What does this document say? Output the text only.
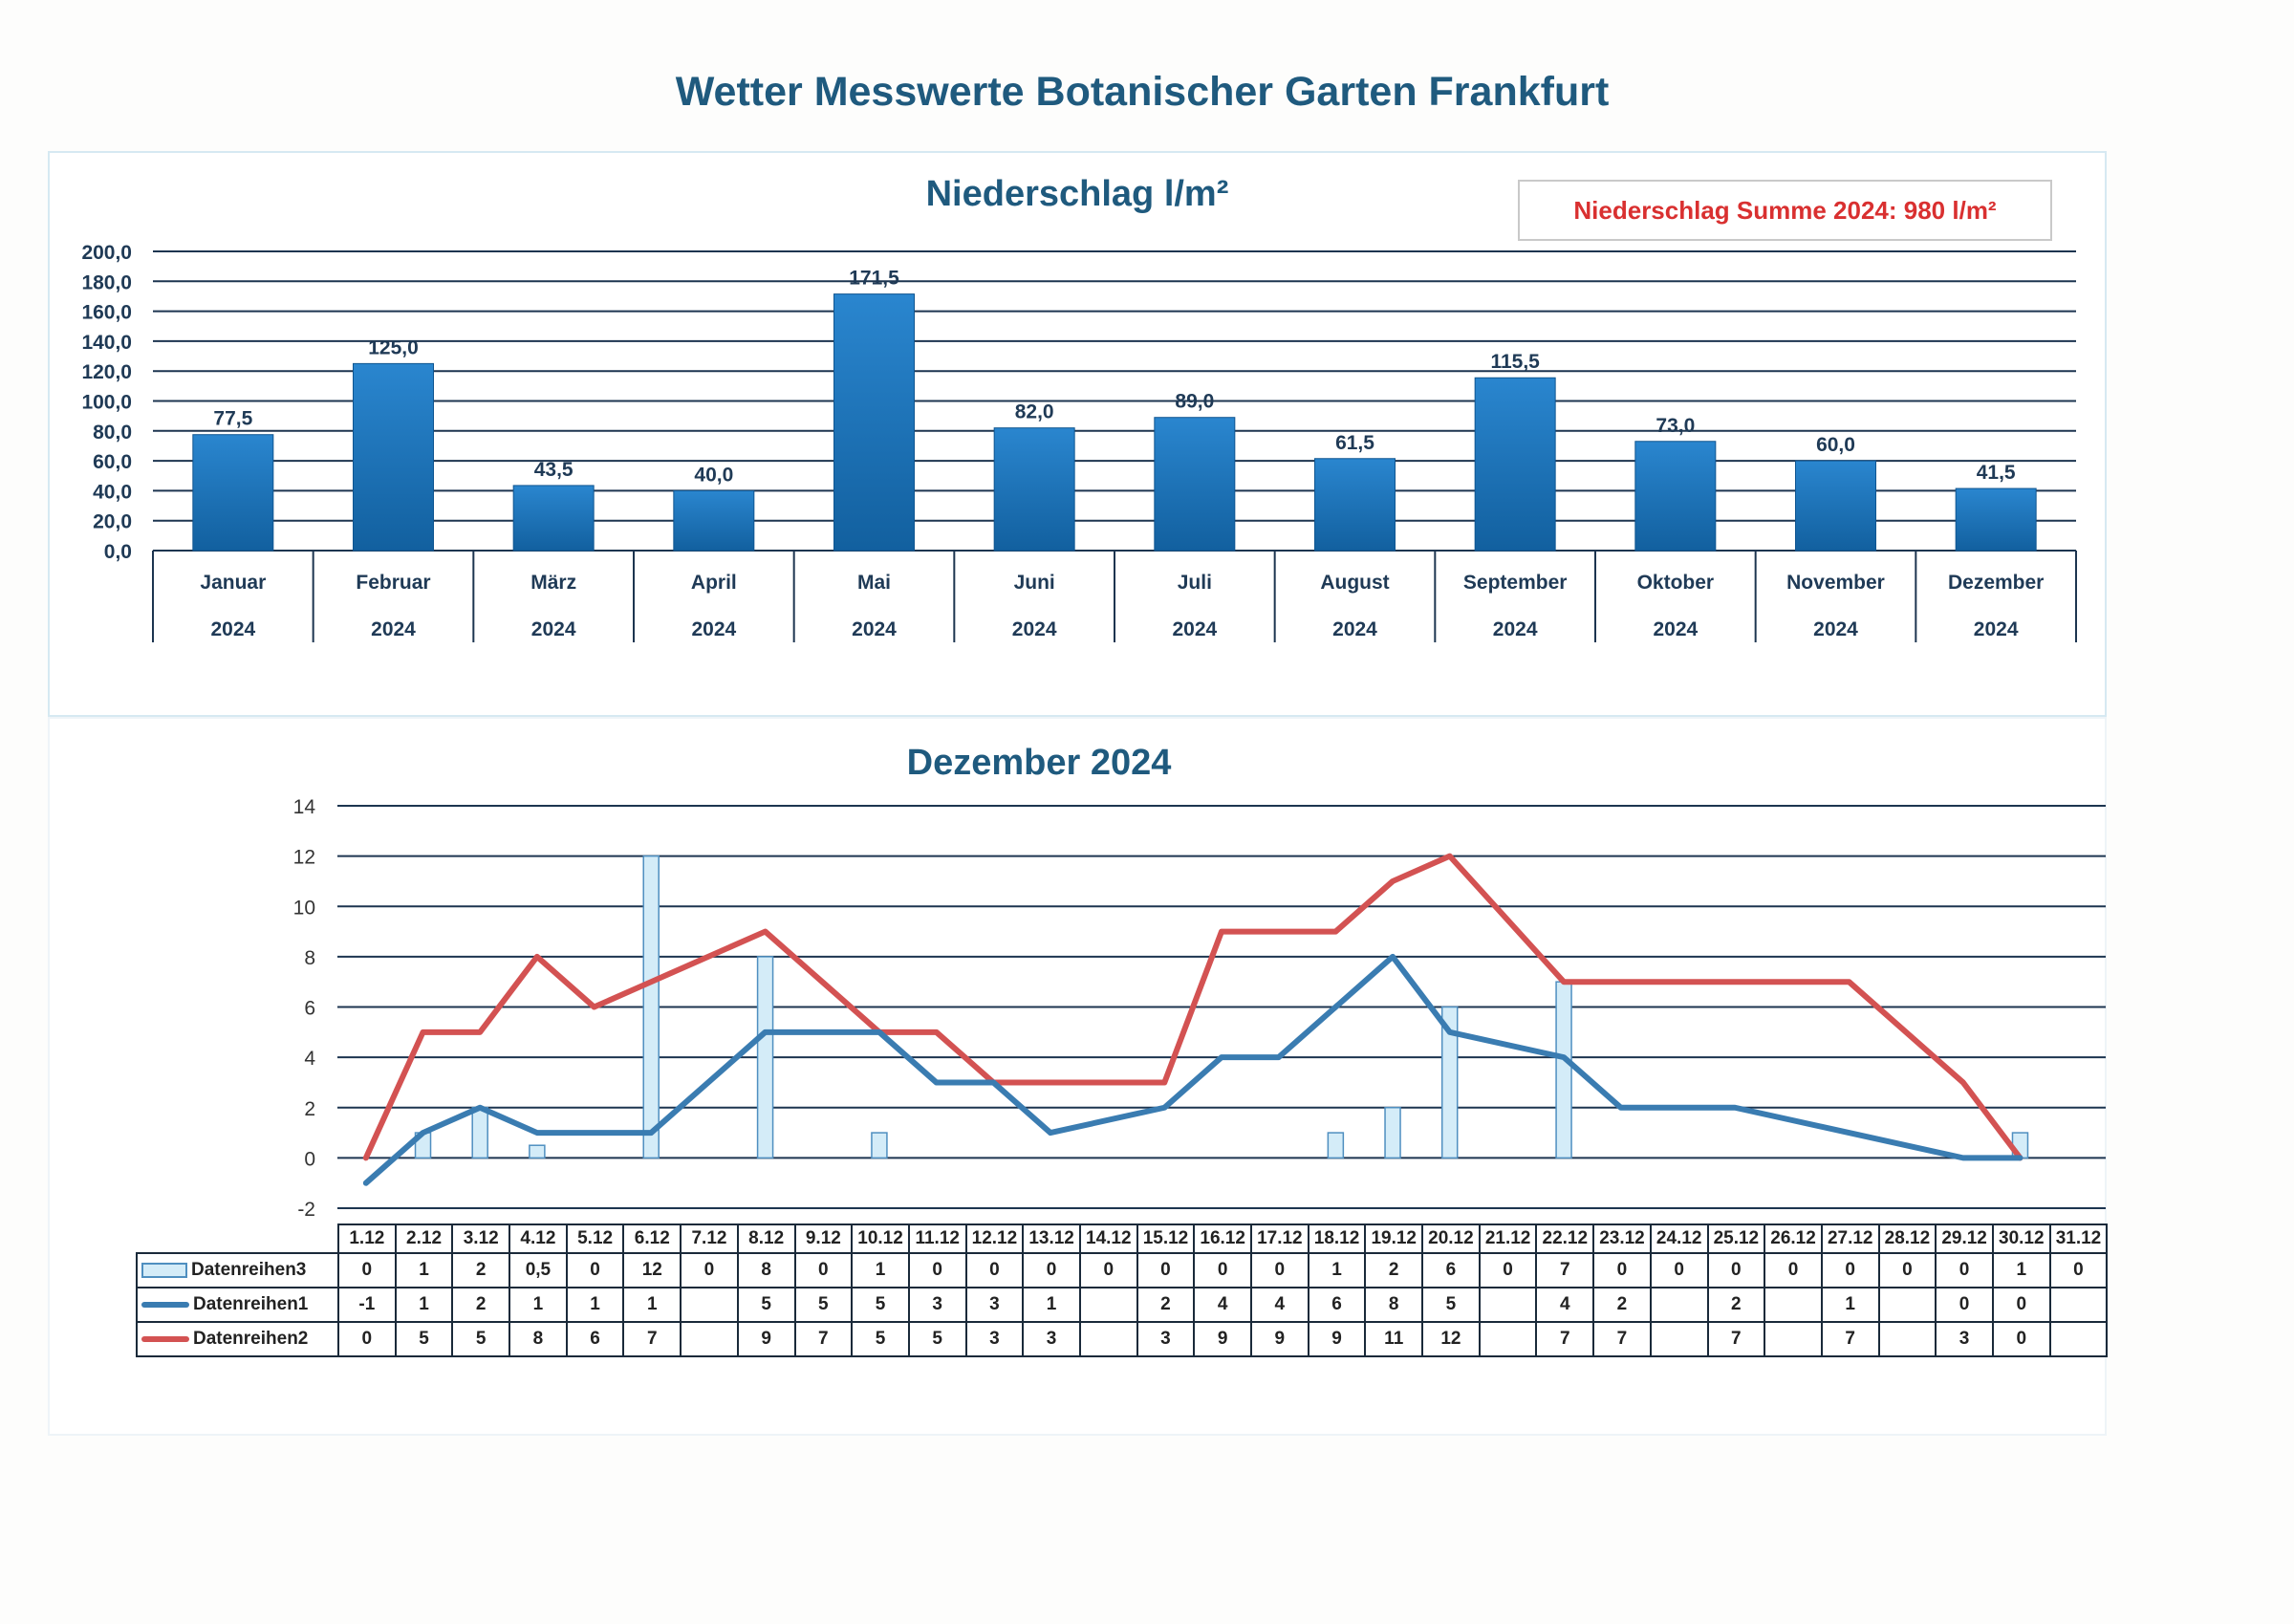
Wetter Messwerte Botanischer Garten Frankfurt
Niederschlag l/m²	Niederschlag Summe 2024: 980 l/m²
Dezember 2024
0,0
20,0
40,0
60,0
80,0
100,0
120,0
140,0
160,0
180,0
200,0
77,5
Januar
2024
125,0
Februar
2024
43,5
März
2024
40,0
April
2024
171,5
Mai
2024
82,0
Juni
2024
89,0
Juli
2024
61,5
August
2024
115,5
September
2024
73,0
Oktober
2024
60,0
November
2024
41,5
Dezember
2024
-2
0
2
4
6
8
10
12
14
	1.12	2.12	3.12	4.12	5.12	6.12	7.12	8.12	9.12	10.12	11.12	12.12	13.12	14.12	15.12	16.12	17.12	18.12	19.12	20.12	21.12	22.12	23.12	24.12	25.12	26.12	27.12	28.12	29.12	30.12	31.12
Datenreihen3	0	1	2	0,5	0	12	0	8	0	1	0	0	0	0	0	0	0	1	2	6	0	7	0	0	0	0	0	0	0	1	0
Datenreihen1	-1	1	2	1	1	1		5	5	5	3	3	1		2	4	4	6	8	5		4	2		2		1		0	0	
Datenreihen2	0	5	5	8	6	7		9	7	5	5	3	3		3	9	9	9	11	12		7	7		7		7		3	0	
